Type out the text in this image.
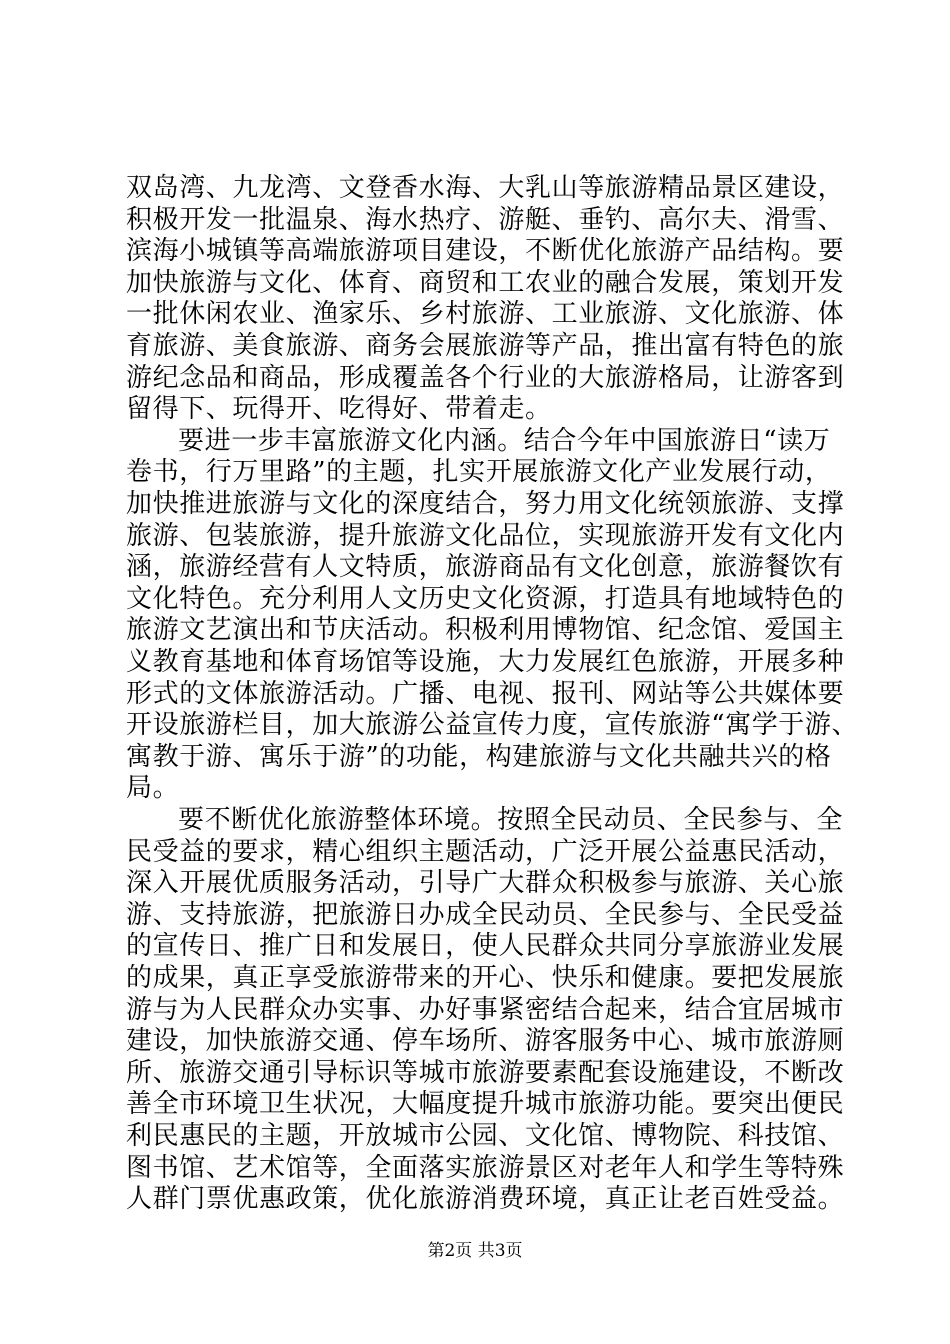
双岛湾、九龙湾、文登香水海、大乳山等旅游精品景区建设，
积极开发一批温泉、海水热疗、游艇、垂钓、高尔夫、滑雪、
滨海小城镇等高端旅游项目建设，不断优化旅游产品结构。要
加快旅游与文化、体育、商贸和工农业的融合发展，策划开发
一批休闲农业、渔家乐、乡村旅游、工业旅游、文化旅游、体
育旅游、美食旅游、商务会展旅游等产品，推出富有特色的旅
游纪念品和商品，形成覆盖各个行业的大旅游格局，让游客到
留得下、玩得开、吃得好、带着走。
要进一步丰富旅游文化内涵。结合今年中国旅游日“读万
卷书，行万里路”的主题，扎实开展旅游文化产业发展行动，
加快推进旅游与文化的深度结合，努力用文化统领旅游、支撑
旅游、包装旅游，提升旅游文化品位，实现旅游开发有文化内
涵，旅游经营有人文特质，旅游商品有文化创意，旅游餐饮有
文化特色。充分利用人文历史文化资源，打造具有地域特色的
旅游文艺演出和节庆活动。积极利用博物馆、纪念馆、爱国主
义教育基地和体育场馆等设施，大力发展红色旅游，开展多种
形式的文体旅游活动。广播、电视、报刊、网站等公共媒体要
开设旅游栏目，加大旅游公益宣传力度，宣传旅游“寓学于游、
寓教于游、寓乐于游”的功能，构建旅游与文化共融共兴的格
局。
要不断优化旅游整体环境。按照全民动员、全民参与、全
民受益的要求，精心组织主题活动，广泛开展公益惠民活动，
深入开展优质服务活动，引导广大群众积极参与旅游、关心旅
游、支持旅游，把旅游日办成全民动员、全民参与、全民受益
的宣传日、推广日和发展日，使人民群众共同分享旅游业发展
的成果，真正享受旅游带来的开心、快乐和健康。要把发展旅
游与为人民群众办实事、办好事紧密结合起来，结合宜居城市
建设，加快旅游交通、停车场所、游客服务中心、城市旅游厕
所、旅游交通引导标识等城市旅游要素配套设施建设，不断改
善全市环境卫生状况，大幅度提升城市旅游功能。要突出便民
利民惠民的主题，开放城市公园、文化馆、博物院、科技馆、
图书馆、艺术馆等，全面落实旅游景区对老年人和学生等特殊
人群门票优惠政策，优化旅游消费环境，真正让老百姓受益。
第2页 共3页
